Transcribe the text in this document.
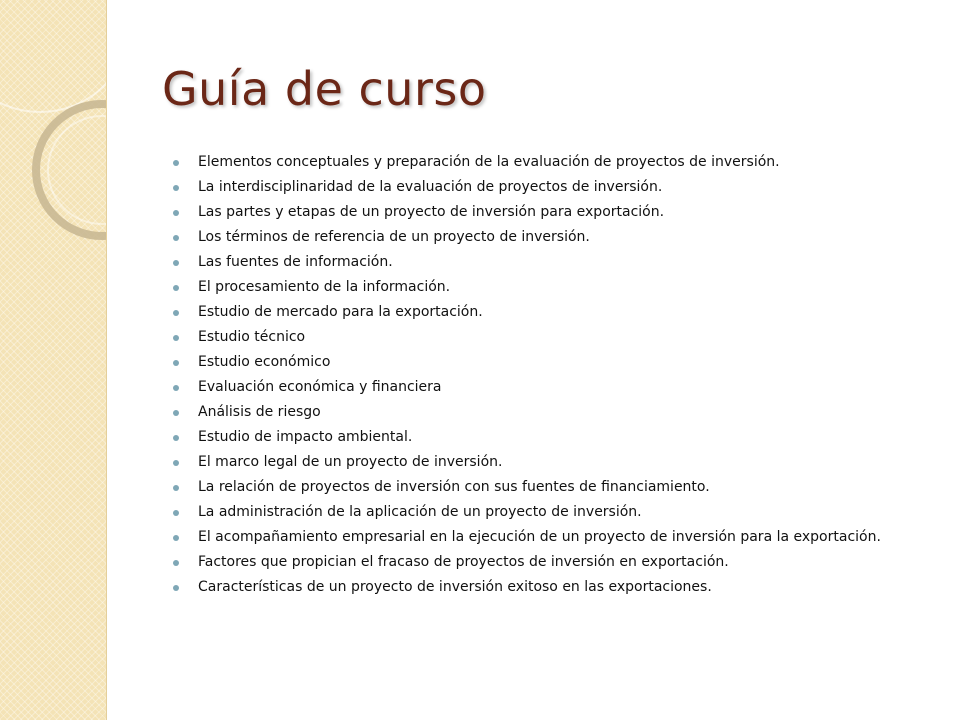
Guía de curso
Elementos conceptuales y preparación de la evaluación de proyectos de inversión.
La interdisciplinaridad de la evaluación de proyectos de inversión.
Las partes y etapas de un proyecto de inversión para exportación.
Los términos de referencia de un proyecto de inversión.
Las fuentes de información.
El procesamiento de la información.
Estudio de mercado para la exportación.
Estudio técnico
Estudio económico
Evaluación económica y financiera
Análisis de riesgo
Estudio de impacto ambiental.
El marco legal de un proyecto de inversión.
La relación de proyectos de inversión con sus fuentes de financiamiento.
La administración de la aplicación de un proyecto de inversión.
El acompañamiento empresarial en la ejecución de un proyecto de inversión para la exportación.
Factores que propician el fracaso de proyectos de inversión en exportación.
Características de un proyecto de inversión exitoso en las exportaciones.
